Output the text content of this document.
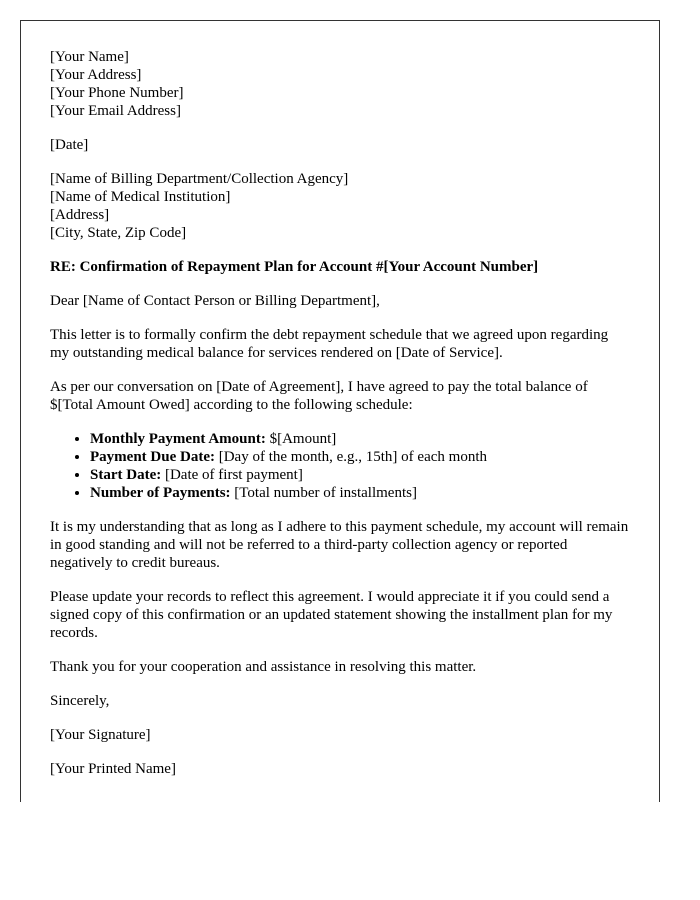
[Your Name]
[Your Address]
[Your Phone Number]
[Your Email Address]
[Date]
[Name of Billing Department/Collection Agency]
[Name of Medical Institution]
[Address]
[City, State, Zip Code]

RE: Confirmation of Repayment Plan for Account #[Your Account Number]

Dear [Name of Contact Person or Billing Department],

This letter is to formally confirm the debt repayment schedule that we agreed upon regarding my outstanding medical balance for services rendered on [Date of Service].

As per our conversation on [Date of Agreement], I have agreed to pay the total balance of $[Total Amount Owed] according to the following schedule:

• Monthly Payment Amount: $[Amount]
• Payment Due Date: [Day of the month, e.g., 15th] of each month
• Start Date: [Date of first payment]
• Number of Payments: [Total number of installments]

It is my understanding that as long as I adhere to this payment schedule, my account will remain in good standing and will not be referred to a third-party collection agency or reported negatively to credit bureaus.

Please update your records to reflect this agreement. I would appreciate it if you could send a signed copy of this confirmation or an updated statement showing the installment plan for my records.

Thank you for your cooperation and assistance in resolving this matter.

Sincerely,

[Your Signature]

[Your Printed Name]
